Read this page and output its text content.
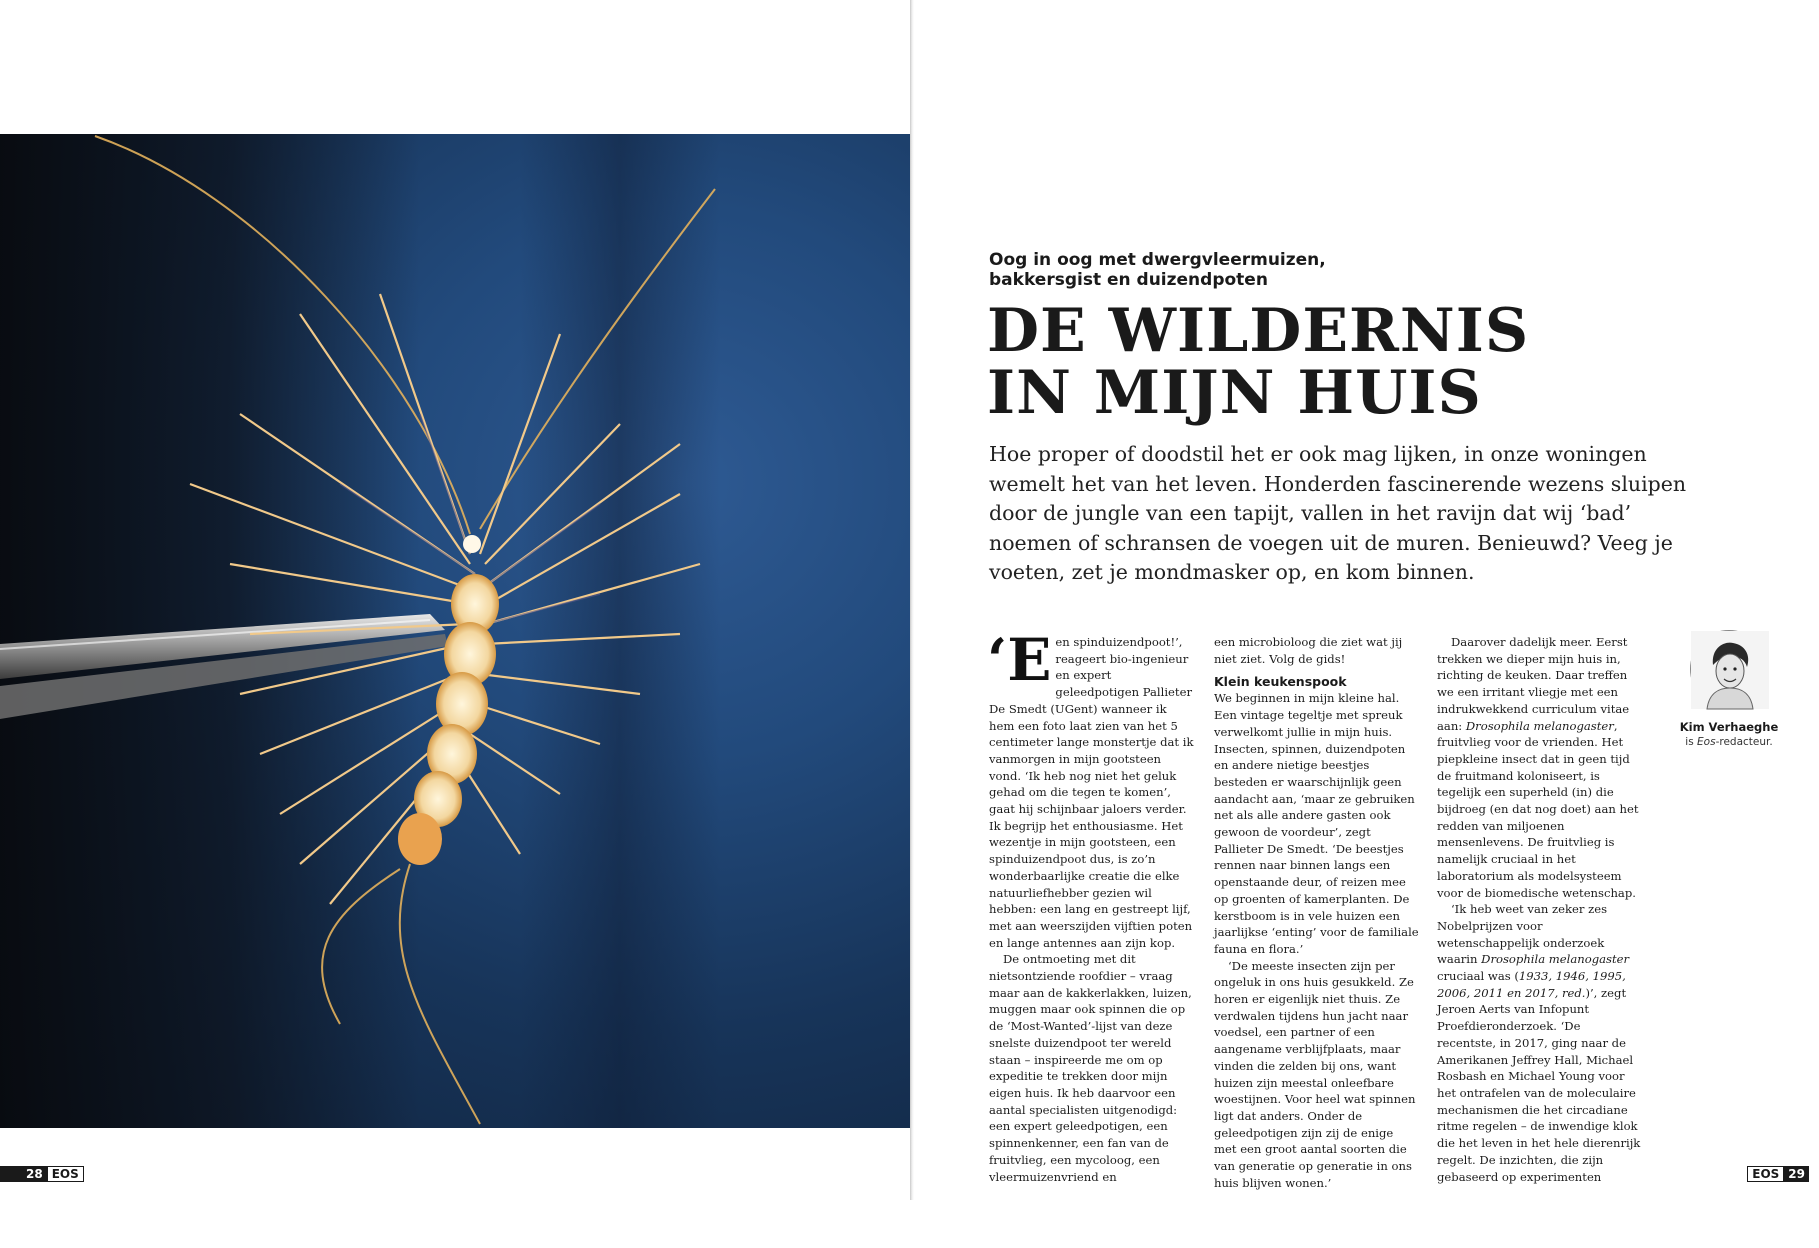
De spinduizendpoot is een bijzonder roofdiertje dat jaagt op kakkerlakken, luizen, muggen en spinnen.
28 EOS
Oog in oog met dwergvleermuizen, bakkersgist en duizendpoten
DE WILDERNIS
IN MIJN HUIS

Hoe proper of doodstil het er ook mag lijken, in onze woningen wemelt het van het leven. Honderden fascinerende wezens sluipen door de jungle van een tapijt, vallen in het ravijn dat wij ‘bad’ noemen of schransen de voegen uit de muren. Benieuwd? Veeg je voeten, zet je mondmasker op, en kom binnen.

‘Een spinduizendpoot!’, reageert bio-ingenieur en expert geleedpotigen Pallieter De Smedt (UGent) wanneer ik hem een foto laat zien van het 5 centimeter lange monstertje dat ik vanmorgen in mijn gootsteen vond. ‘Ik heb nog niet het geluk gehad om die tegen te komen’, gaat hij schijnbaar jaloers verder. Ik begrijp het enthousiasme. Het wezentje in mijn gootsteen, een spinduizendpoot dus, is zo’n wonderbaarlijke creatie die elke natuurliefhebber gezien wil hebben: een lang en gestreept lijf, met aan weerszijden vijftien poten en lange antennes aan zijn kop.

De ontmoeting met dit nietsontziende roofdier – vraag maar aan de kakkerlakken, luizen, muggen maar ook spinnen die op de ‘Most-Wanted’-lijst van deze snelste duizendpoot ter wereld staan – inspireerde me om op expeditie te trekken door mijn eigen huis. Ik heb daarvoor een aantal specialisten uitgenodigd: een expert geleedpotigen, een spinnenkenner, een fan van de fruitvlieg, een mycoloog, een vleermuizenvriend en

een microbioloog die ziet wat jij niet ziet. Volg de gids!

Klein keukenspook

We beginnen in mijn kleine hal. Een vintage tegeltje met spreuk verwelkomt jullie in mijn huis. Insecten, spinnen, duizendpoten en andere nietige beestjes besteden er waarschijnlijk geen aandacht aan, ‘maar ze gebruiken net als alle andere gasten ook gewoon de voordeur’, zegt Pallieter De Smedt. ‘De beestjes rennen naar binnen langs een openstaande deur, of reizen mee op groenten of kamerplanten. De kerstboom is in vele huizen een jaarlijkse ‘enting’ voor de familiale fauna en flora.’

‘De meeste insecten zijn per ongeluk in ons huis gesukkeld. Ze horen er eigenlijk niet thuis. Ze verdwalen tijdens hun jacht naar voedsel, een partner of een aangename verblijfplaats, maar vinden die zelden bij ons, want huizen zijn meestal onleefbare woestijnen. Voor heel wat spinnen ligt dat anders. Onder de geleedpotigen zijn zij de enige met een groot aantal soorten die van generatie op generatie in ons huis blijven wonen.’

Daarover dadelijk meer. Eerst trekken we dieper mijn huis in, richting de keuken. Daar treffen we een irritant vliegje met een indrukwekkend curriculum vitae aan: Drosophila melanogaster, fruitvlieg voor de vrienden. Het piepkleine insect dat in geen tijd de fruitmand koloniseert, is tegelijk een superheld (in) die bijdroeg (en dat nog doet) aan het redden van miljoenen mensenlevens. De fruitvlieg is namelijk cruciaal in het laboratorium als modelsysteem voor de biomedische wetenschap.

‘Ik heb weet van zeker zes Nobelprijzen voor wetenschappelijk onderzoek waarin Drosophila melanogaster cruciaal was (1933, 1946, 1995, 2006, 2011 en 2017, red.)’, zegt Jeroen Aerts van Infopunt Proefdieronderzoek. ‘De recentste, in 2017, ging naar de Amerikanen Jeffrey Hall, Michael Rosbash en Michael Young voor het ontrafelen van de moleculaire mechanismen die het circadiane ritme regelen – de inwendige klok die het leven in het hele dierenrijk regelt. De inzichten, die zijn gebaseerd op experimenten

Kim Verhaeghe
is Eos-redacteur.
EOS 29
